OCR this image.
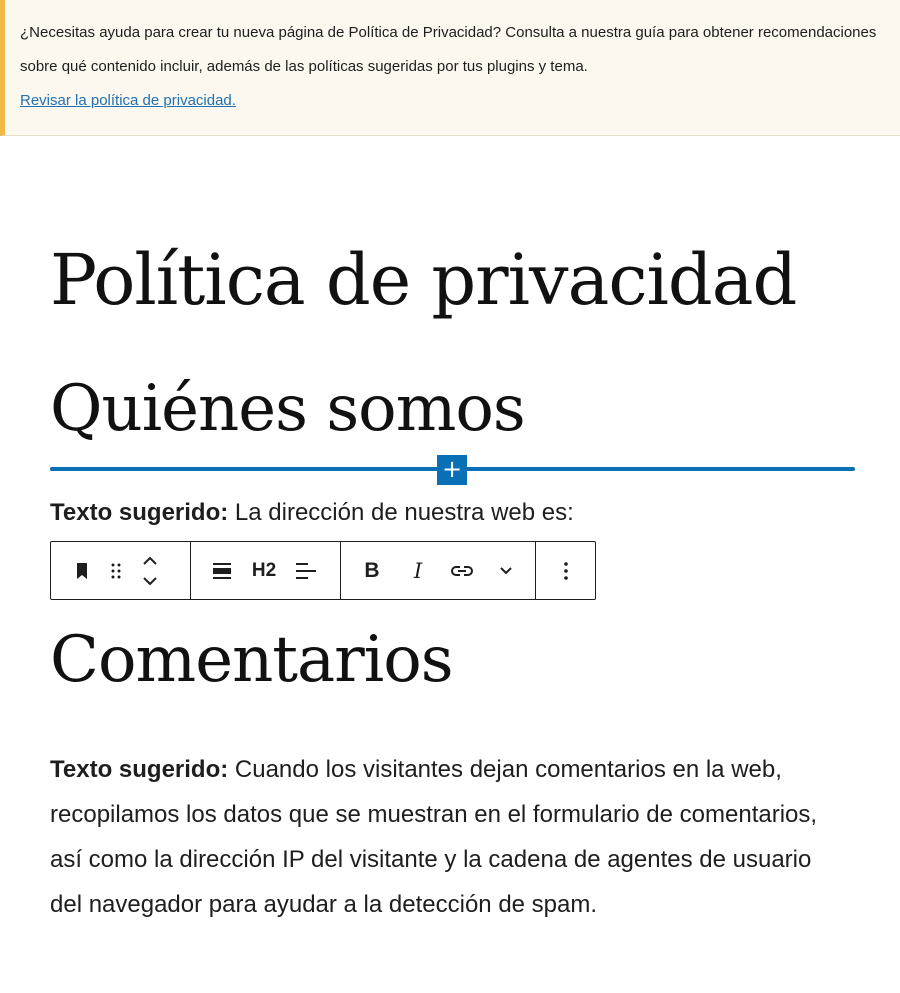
¿Necesitas ayuda para crear tu nueva página de Política de Privacidad? Consulta a nuestra guía para obtener recomendaciones sobre qué contenido incluir, además de las políticas sugeridas por tus plugins y tema.
Revisar la política de privacidad.
Política de privacidad
Quiénes somos
+

Texto sugerido: La dirección de nuestra web es:

H2	B I
Comentarios

Texto sugerido: Cuando los visitantes dejan comentarios en la web, recopilamos los datos que se muestran en el formulario de comentarios, así como la dirección IP del visitante y la cadena de agentes de usuario del navegador para ayudar a la detección de spam.
